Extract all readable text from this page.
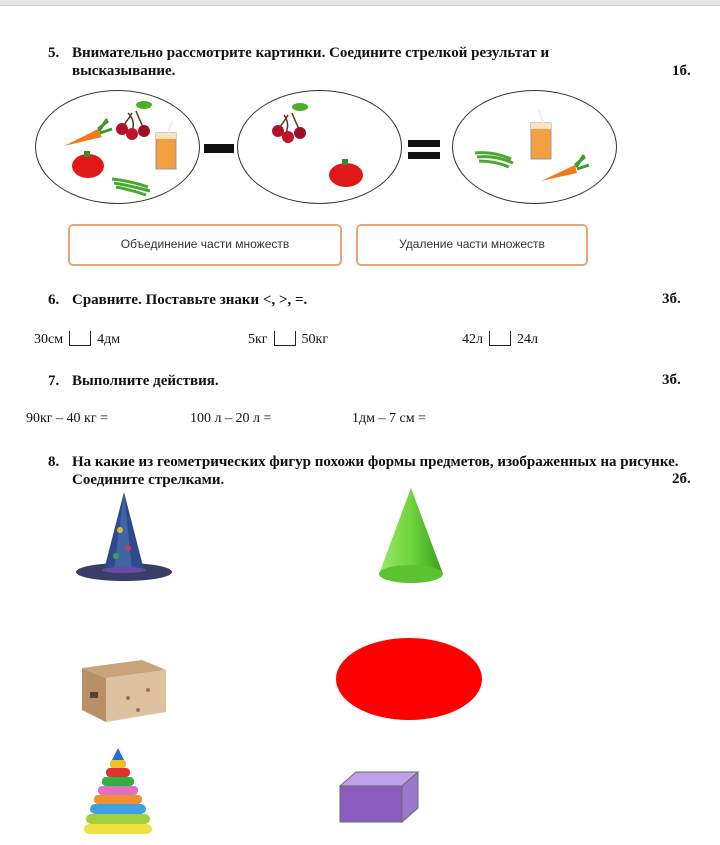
5. Внимательно рассмотрите картинки. Соедините стрелкой результат и высказывание.	1б.
Объединение части множеств	Удаление части множеств
6. Сравните. Поставьте знаки <, >, =.	3б.
30см 4дм	5кг 50кг	42л 24л
7. Выполните действия.	3б.
90кг – 40 кг =	100 л – 20 л =	1дм – 7 см =
8. На какие из геометрических фигур похожи формы предметов, изображенных на рисунке. Соедините стрелками.	2б.
